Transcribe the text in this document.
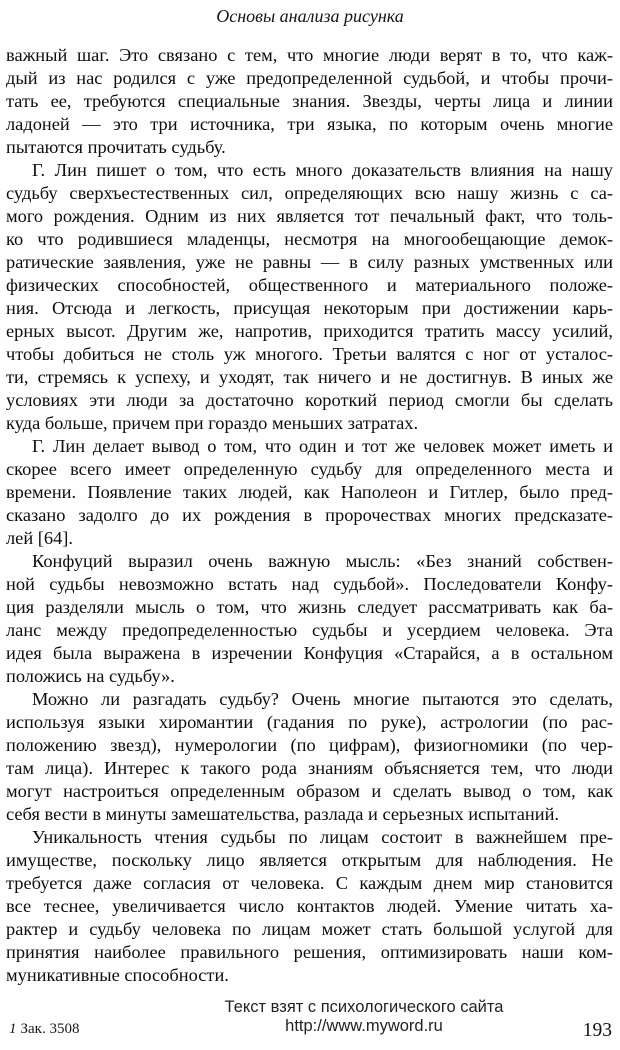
Основы анализа рисунка
важный шаг. Это связано с тем, что многие люди верят в то, что каж-
дый из нас родился с уже предопределенной судьбой, и чтобы прочи-
тать ее, требуются специальные знания. Звезды, черты лица и линии
ладоней — это три источника, три языка, по которым очень многие
пытаются прочитать судьбу.
Г. Лин пишет о том, что есть много доказательств влияния на нашу
судьбу сверхъестественных сил, определяющих всю нашу жизнь с са-
мого рождения. Одним из них является тот печальный факт, что толь-
ко что родившиеся младенцы, несмотря на многообещающие демок-
ратические заявления, уже не равны — в силу разных умственных или
физических способностей, общественного и материального положе-
ния. Отсюда и легкость, присущая некоторым при достижении карь-
ерных высот. Другим же, напротив, приходится тратить массу усилий,
чтобы добиться не столь уж многого. Третьи валятся с ног от усталос-
ти, стремясь к успеху, и уходят, так ничего и не достигнув. В иных же
условиях эти люди за достаточно короткий период смогли бы сделать
куда больше, причем при гораздо меньших затратах.
Г. Лин делает вывод о том, что один и тот же человек может иметь и
скорее всего имеет определенную судьбу для определенного места и
времени. Появление таких людей, как Наполеон и Гитлер, было пред-
сказано задолго до их рождения в пророчествах многих предсказате-
лей [64].
Конфуций выразил очень важную мысль: «Без знаний собствен-
ной судьбы невозможно встать над судьбой». Последователи Конфу-
ция разделяли мысль о том, что жизнь следует рассматривать как ба-
ланс между предопределенностью судьбы и усердием человека. Эта
идея была выражена в изречении Конфуция «Старайся, а в остальном
положись на судьбу».
Можно ли разгадать судьбу? Очень многие пытаются это сделать,
используя языки хиромантии (гадания по руке), астрологии (по рас-
положению звезд), нумерологии (по цифрам), физиогномики (по чер-
там лица). Интерес к такого рода знаниям объясняется тем, что люди
могут настроиться определенным образом и сделать вывод о том, как
себя вести в минуты замешательства, разлада и серьезных испытаний.
Уникальность чтения судьбы по лицам состоит в важнейшем пре-
имуществе, поскольку лицо является открытым для наблюдения. Не
требуется даже согласия от человека. С каждым днем мир становится
все теснее, увеличивается число контактов людей. Умение читать ха-
рактер и судьбу человека по лицам может стать большой услугой для
принятия наиболее правильного решения, оптимизировать наши ком-
муникативные способности.
1 Зак. 3508
Текст взят с психологического сайта http://www.myword.ru	193
